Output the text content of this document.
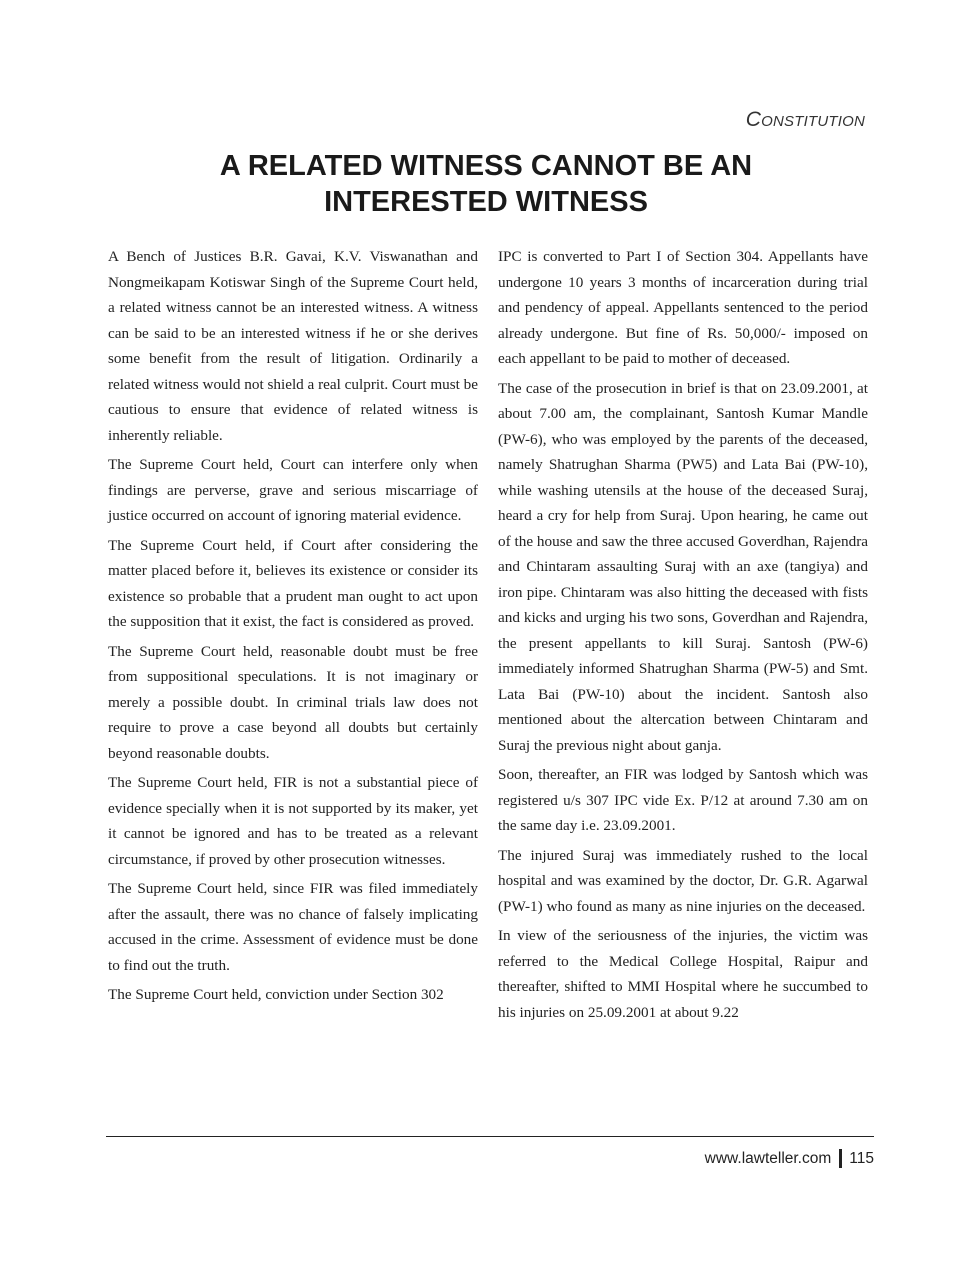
Constitution
A RELATED WITNESS CANNOT BE AN
INTERESTED WITNESS

A Bench of Justices B.R. Gavai, K.V. Viswanathan and Nongmeikapam Kotiswar Singh of the Supreme Court held, a related witness cannot be an interested witness. A witness can be said to be an interested witness if he or she derives some benefit from the result of litigation. Ordinarily a related witness would not shield a real culprit. Court must be cautious to ensure that evidence of related witness is inherently reliable.

The Supreme Court held, Court can interfere only when findings are perverse, grave and serious miscarriage of justice occurred on account of ignoring material evidence.

The Supreme Court held, if Court after considering the matter placed before it, believes its existence or consider its existence so probable that a prudent man ought to act upon the supposition that it exist, the fact is considered as proved.

The Supreme Court held, reasonable doubt must be free from suppositional speculations. It is not imaginary or merely a possible doubt. In criminal trials law does not require to prove a case beyond all doubts but certainly beyond reasonable doubts.

The Supreme Court held, FIR is not a substantial piece of evidence specially when it is not supported by its maker, yet it cannot be ignored and has to be treated as a relevant circumstance, if proved by other prosecution witnesses.

The Supreme Court held, since FIR was filed immediately after the assault, there was no chance of falsely implicating accused in the crime. Assessment of evidence must be done to find out the truth.

The Supreme Court held, conviction under Section 302

IPC is converted to Part I of Section 304. Appellants have undergone 10 years 3 months of incarceration during trial and pendency of appeal. Appellants sentenced to the period already undergone. But fine of Rs. 50,000/- imposed on each appellant to be paid to mother of deceased.

The case of the prosecution in brief is that on 23.09.2001, at about 7.00 am, the complainant, Santosh Kumar Mandle (PW-6), who was employed by the parents of the deceased, namely Shatrughan Sharma (PW5) and Lata Bai (PW-10), while washing utensils at the house of the deceased Suraj, heard a cry for help from Suraj. Upon hearing, he came out of the house and saw the three accused Goverdhan, Rajendra and Chintaram assaulting Suraj with an axe (tangiya) and iron pipe. Chintaram was also hitting the deceased with fists and kicks and urging his two sons, Goverdhan and Rajendra, the present appellants to kill Suraj. Santosh (PW-6) immediately informed Shatrughan Sharma (PW-5) and Smt. Lata Bai (PW-10) about the incident. Santosh also mentioned about the altercation between Chintaram and Suraj the previous night about ganja.

Soon, thereafter, an FIR was lodged by Santosh which was registered u/s 307 IPC vide Ex. P/12 at around 7.30 am on the same day i.e. 23.09.2001.

The injured Suraj was immediately rushed to the local hospital and was examined by the doctor, Dr. G.R. Agarwal (PW-1) who found as many as nine injuries on the deceased.

In view of the seriousness of the injuries, the victim was referred to the Medical College Hospital, Raipur and thereafter, shifted to MMI Hospital where he succumbed to his injuries on 25.09.2001 at about 9.22

www.lawteller.com 115
